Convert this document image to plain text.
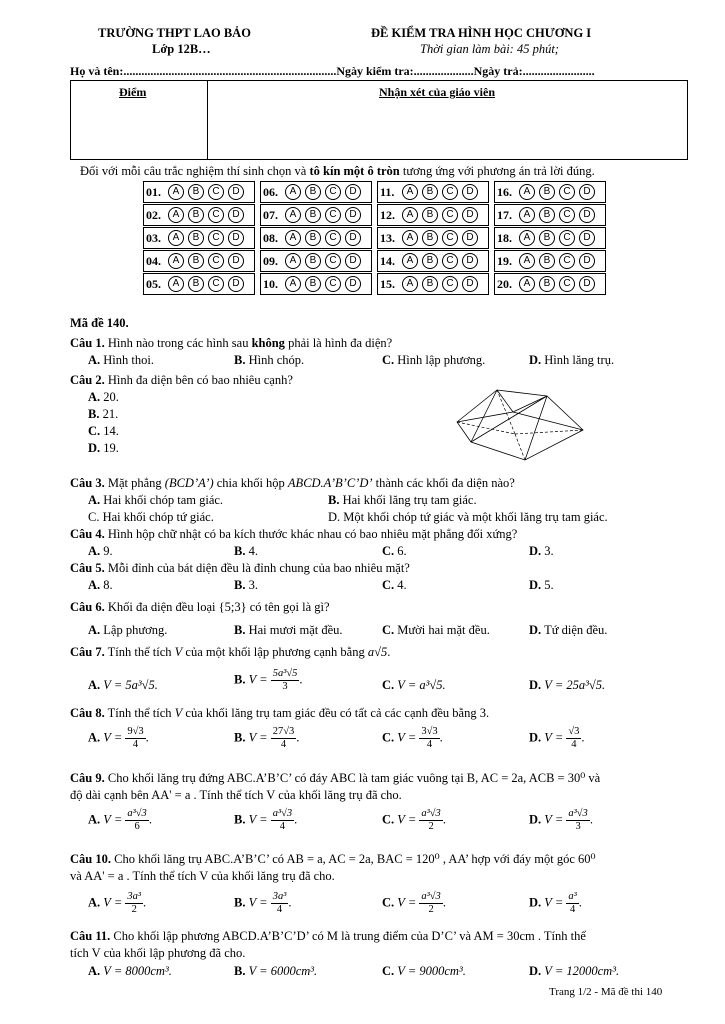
TRƯỜNG THPT LAO BẢO
Lớp 12B…
ĐỀ KIỂM TRA HÌNH HỌC CHƯƠNG I
Thời gian làm bài: 45 phút;
Họ và tên:.......................................................................Ngày kiểm tra:....................Ngày trả:........................
Điểm	Nhận xét của giáo viên
Đối với mỗi câu trắc nghiệm thí sinh chọn và tô kín một ô tròn tương ứng với phương án trả lời đúng.
01.	A	B	C	D
02.	A	B	C	D
03.	A	B	C	D
04.	A	B	C	D
05.	A	B	C	D
06.	A	B	C	D
07.	A	B	C	D
08.	A	B	C	D
09.	A	B	C	D
10.	A	B	C	D
11.	A	B	C	D
12.	A	B	C	D
13.	A	B	C	D
14.	A	B	C	D
15.	A	B	C	D
16.	A	B	C	D
17.	A	B	C	D
18.	A	B	C	D
19.	A	B	C	D
20.	A	B	C	D
Mã đề 140.
Câu 1. Hình nào trong các hình sau không phải là hình đa diện?
A. Hình thoi.	B. Hình chóp.	C. Hình lập phương.	D. Hình lăng trụ.
Câu 2. Hình đa diện bên có bao nhiêu cạnh?
A. 20.
B. 21.
C. 14.
D. 19.
Câu 3. Mặt phẳng (BCD’A’) chia khối hộp ABCD.A’B’C’D’ thành các khối đa diện nào?
A. Hai khối chóp tam giác.	B. Hai khối lăng trụ tam giác.
C. Hai khối chóp tứ giác.	D. Một khối chóp tứ giác và một khối lăng trụ tam giác.
Câu 4. Hình hộp chữ nhật có ba kích thước khác nhau có bao nhiêu mặt phẳng đối xứng?
A. 9.	B. 4.	C. 6.	D. 3.
Câu 5. Mỗi đỉnh của bát diện đều là đỉnh chung của bao nhiêu mặt?
A. 8.	B. 3.	C. 4.	D. 5.
Câu 6. Khối đa diện đều loại {5;3} có tên gọi là gì?
A. Lập phương.	B. Hai mươi mặt đều.	C. Mười hai mặt đều.	D. Tứ diện đều.
Câu 7. Tính thể tích V của một khối lập phương cạnh bằng a√5.
A. V = 5a³√5.	B. $V = \frac{\text{5a³√5}}{3}$ .	C. V = a³√5.	D. V = 25a³√5.
Câu 8. Tính thể tích V của khối lăng trụ tam giác đều có tất cả các cạnh đều bằng 3.
A. $V = \frac{9√3}{4}$ .	B. $V = \frac{27√3}{4}$ .	C. $V = \frac{3√3}{4}$ .	D. $V = \frac{√3}{4}$ .
Câu 9. Cho khối lăng trụ đứng ABC.A’B’C’ có đáy ABC là tam giác vuông tại B, AC = 2a, ACB = 30⁰ và
độ dài cạnh bên AA' = a . Tính thể tích V của khối lăng trụ đã cho.
A. $V = \frac{\text{a³√3}}{6}$ .	B. $V = \frac{\text{a³√3}}{4}$ .	C. $V = \frac{\text{a³√3}}{2}$ .	D. $V = \frac{\text{a³√3}}{3}$ .
Câu 10. Cho khối lăng trụ ABC.A’B’C’ có AB = a, AC = 2a, BAC = 120⁰ , AA’ hợp với đáy một góc 60⁰
và AA' = a . Tính thể tích V của khối lăng trụ đã cho.
A. $V = \frac{\text{3a³}}{2}$ .	B. $V = \frac{\text{3a³}}{4}$ .	C. $V = \frac{\text{a³√3}}{2}$ .	D. $V = \frac{\text{a³}}{4}$ .
Câu 11. Cho khối lập phương ABCD.A’B’C’D’ có M là trung điểm của D’C’ và AM = 30cm . Tính thể
tích V của khối lập phương đã cho.
A. V = 8000cm³.	B. V = 6000cm³.	C. V = 9000cm³.	D. V = 12000cm³.
Trang 1/2 - Mã đề thi 140
